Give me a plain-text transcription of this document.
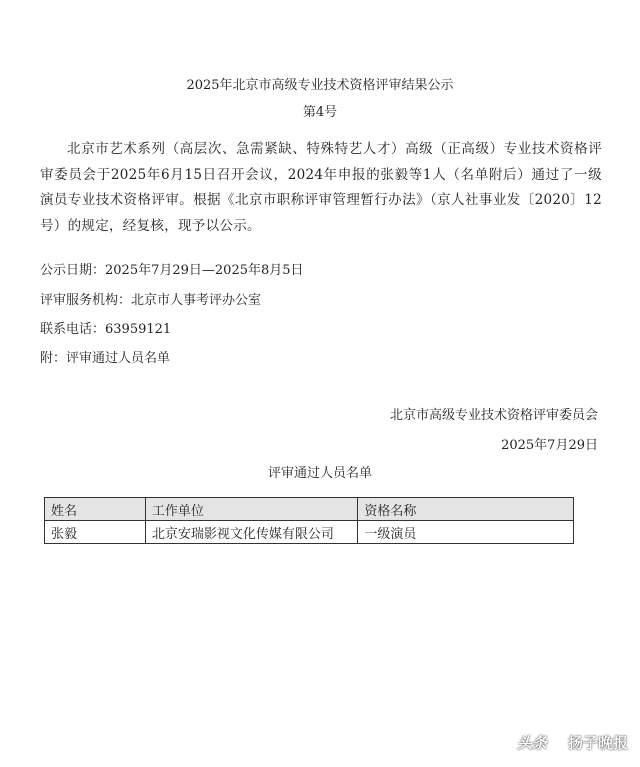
2025年北京市高级专业技术资格评审结果公示
第4号
北京市艺术系列（高层次、急需紧缺、特殊特艺人才）高级（正高级）专业技术资格评审委员会于2025年6月15日召开会议，2024年申报的张毅等1人（名单附后）通过了一级演员专业技术资格评审。根据《北京市职称评审管理暂行办法》（京人社事业发〔2020〕12号）的规定，经复核，现予以公示。
公示日期：2025年7月29日—2025年8月5日
评审服务机构：北京市人事考评办公室
联系电话：63959121
附：评审通过人员名单
北京市高级专业技术资格评审委员会
2025年7月29日
评审通过人员名单
姓名	工作单位	资格名称
张毅	北京安瑞影视文化传媒有限公司	一级演员
头条 扬子晚报
